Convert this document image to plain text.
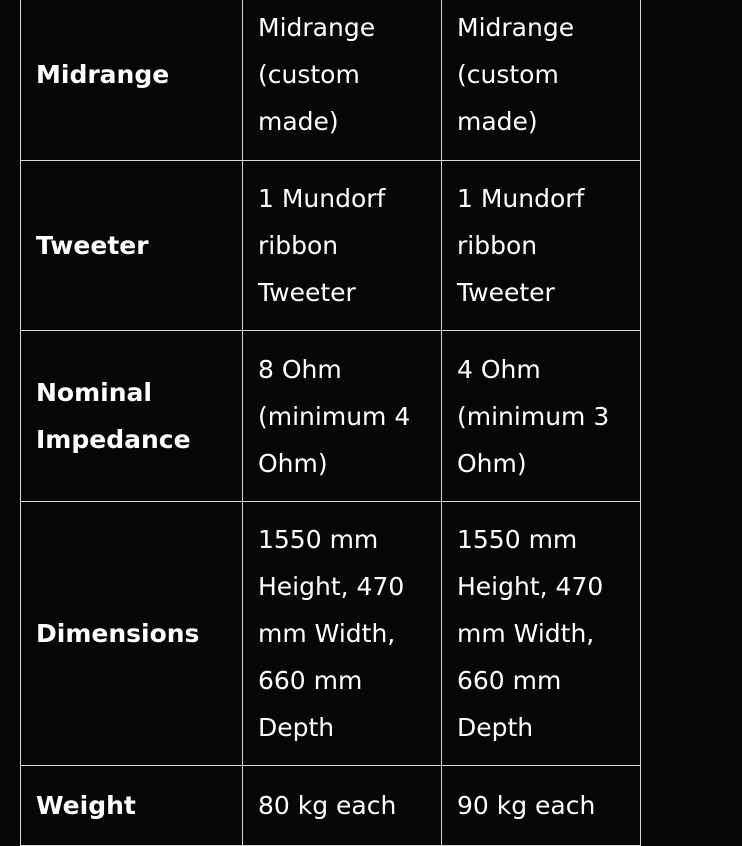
Midrange	Midrange (custom made)	Midrange (custom made)
Tweeter	1 Mundorf ribbon Tweeter	1 Mundorf ribbon Tweeter
Nominal Impedance	8 Ohm (minimum 4 Ohm)	4 Ohm (minimum 3 Ohm)
Dimensions	1550 mm Height, 470 mm Width, 660 mm Depth	1550 mm Height, 470 mm Width, 660 mm Depth
Weight	80 kg each	90 kg each
